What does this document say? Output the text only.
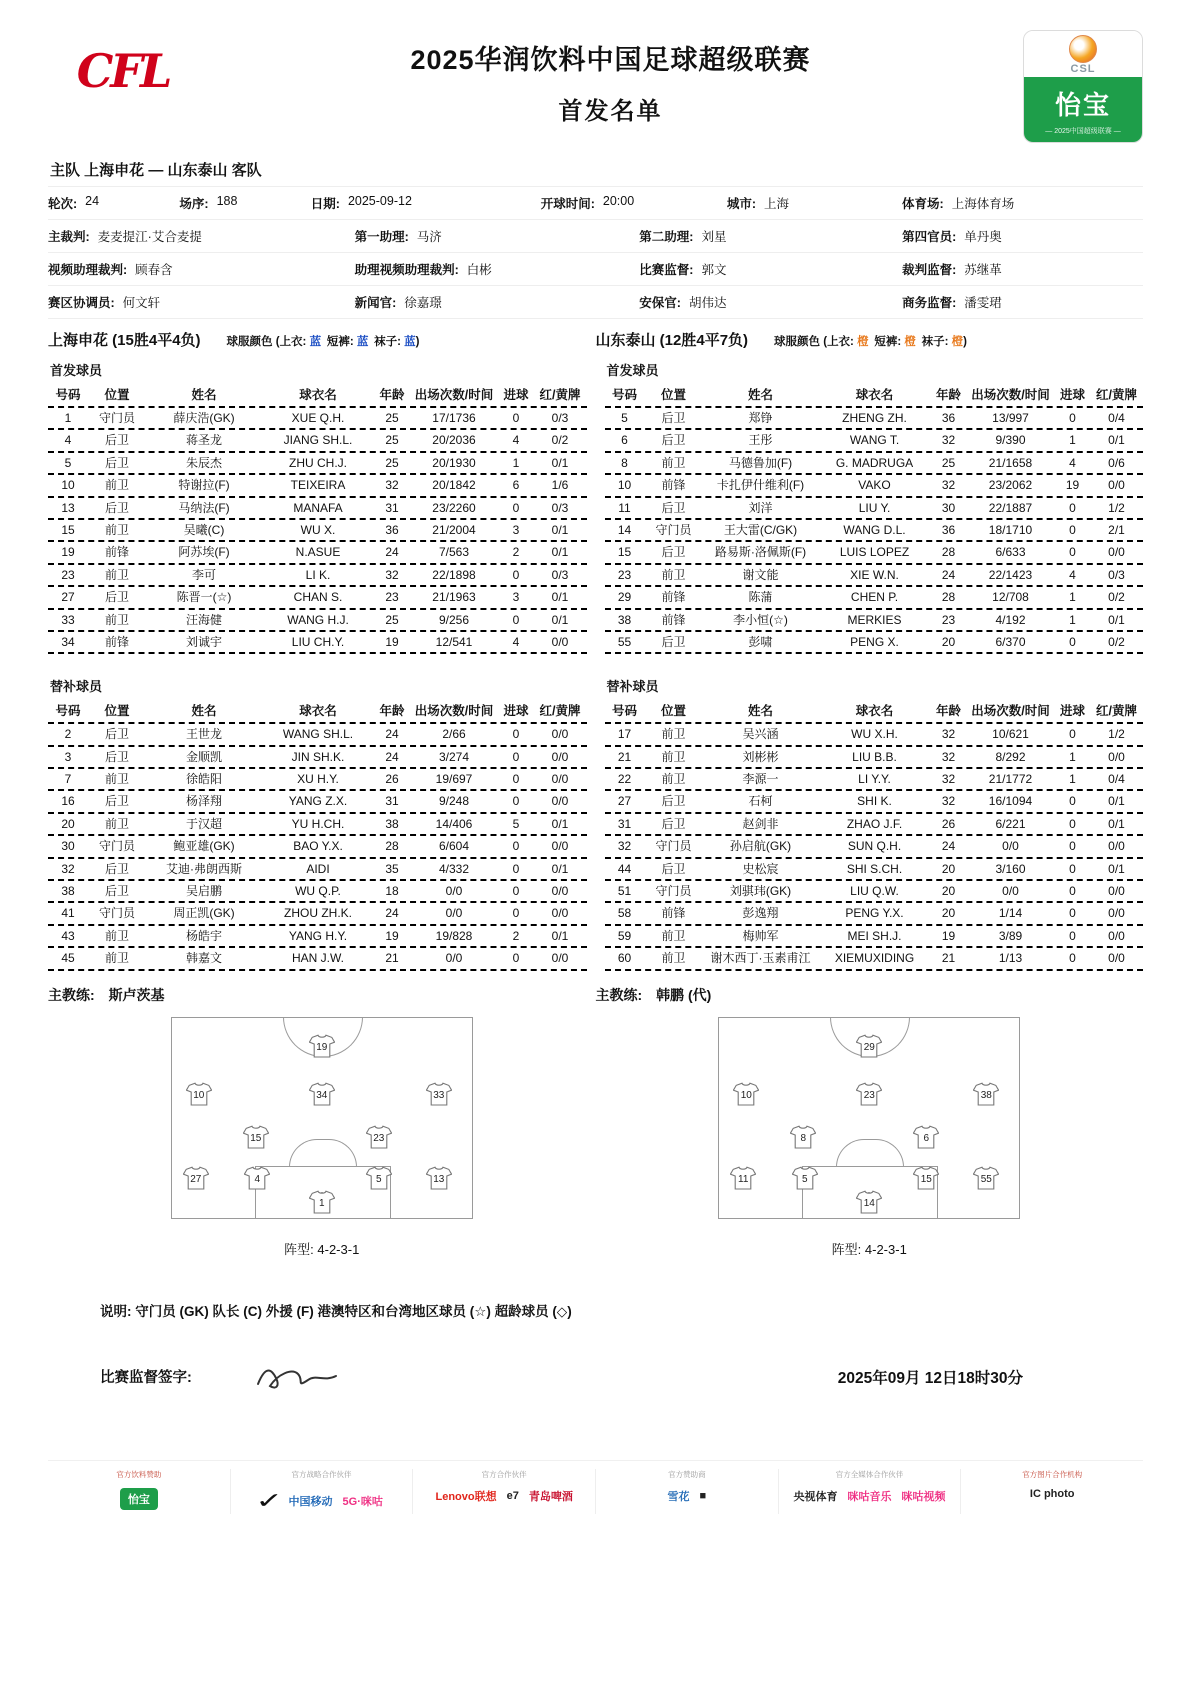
CFL	2025华润饮料中国足球超级联赛
首发名单
CSL
怡宝
— 2025中国超级联赛 —
主队 上海申花 — 山东泰山 客队
轮次: 24	场序: 188	日期: 2025-09-12	开球时间: 20:00	城市: 上海	体育场: 上海体育场
主裁判: 麦麦提江·艾合麦提	第一助理: 马济	第二助理: 刘星	第四官员: 单丹奥
视频助理裁判: 顾春含	助理视频助理裁判: 白彬	比赛监督: 郭文	裁判监督: 苏继革
赛区协调员: 何文轩	新闻官: 徐嘉璟	安保官: 胡伟达	商务监督: 潘雯珺
上海申花 (15胜4平4负) 球服颜色 (上衣: 蓝 短裤: 蓝 袜子: 蓝)	山东泰山 (12胜4平7负) 球服颜色 (上衣: 橙 短裤: 橙 袜子: 橙)
首发球员
号码	位置	姓名	球衣名	年龄 出场次数/时间 进球 红/黄牌
1	守门员	薛庆浩(GK)	XUE Q.H.	25	17/1736	0	0/3
4	后卫	蒋圣龙	JIANG SH.L.	25	20/2036	4	0/2
5	后卫	朱辰杰	ZHU CH.J.	25	20/1930	1	0/1
10	前卫	特谢拉(F)	TEIXEIRA	32	20/1842	6	1/6
13	后卫	马纳法(F)	MANAFA	31	23/2260	0	0/3
15	前卫	吴曦(C)	WU X.	36	21/2004	3	0/1
19	前锋	阿苏埃(F)	N.ASUE	24	7/563	2	0/1
23	前卫	李可	LI K.	32	22/1898	0	0/3
27	后卫	陈晋一(☆)	CHAN S.	23	21/1963	3	0/1
33	前卫	汪海健	WANG H.J.	25	9/256	0	0/1
34	前锋	刘诚宇	LIU CH.Y.	19	12/541	4	0/0
首发球员
号码	位置	姓名	球衣名	年龄 出场次数/时间 进球 红/黄牌
5	后卫	郑铮	ZHENG ZH.	36	13/997	0	0/4
6	后卫	王彤	WANG T.	32	9/390	1	0/1
8	前卫	马德鲁加(F)	G. MADRUGA	25	21/1658	4	0/6
10	前锋	卡扎伊什维利(F)	VAKO	32	23/2062	19	0/0
11	后卫	刘洋	LIU Y.	30	22/1887	0	1/2
14	守门员	王大雷(C/GK)	WANG D.L.	36	18/1710	0	2/1
15	后卫	路易斯·洛佩斯(F)	LUIS LOPEZ	28	6/633	0	0/0
23	前卫	谢文能	XIE W.N.	24	22/1423	4	0/3
29	前锋	陈蒲	CHEN P.	28	12/708	1	0/2
38	前锋	李小恒(☆)	MERKIES	23	4/192	1	0/1
55	后卫	彭啸	PENG X.	20	6/370	0	0/2
替补球员
号码	位置	姓名	球衣名	年龄 出场次数/时间 进球 红/黄牌
2	后卫	王世龙	WANG SH.L.	24	2/66	0	0/0
3	后卫	金顺凯	JIN SH.K.	24	3/274	0	0/0
7	前卫	徐皓阳	XU H.Y.	26	19/697	0	0/0
16	后卫	杨泽翔	YANG Z.X.	31	9/248	0	0/0
20	前卫	于汉超	YU H.CH.	38	14/406	5	0/1
30	守门员	鲍亚雄(GK)	BAO Y.X.	28	6/604	0	0/0
32	后卫	艾迪·弗朗西斯	AIDI	35	4/332	0	0/1
38	后卫	吴启鹏	WU Q.P.	18	0/0	0	0/0
41	守门员	周正凯(GK)	ZHOU ZH.K.	24	0/0	0	0/0
43	前卫	杨皓宇	YANG H.Y.	19	19/828	2	0/1
45	前卫	韩嘉文	HAN J.W.	21	0/0	0	0/0
替补球员
号码	位置	姓名	球衣名	年龄 出场次数/时间 进球 红/黄牌
17	前卫	吴兴涵	WU X.H.	32	10/621	0	1/2
21	前卫	刘彬彬	LIU B.B.	32	8/292	1	0/0
22	前卫	李源一	LI Y.Y.	32	21/1772	1	0/4
27	后卫	石柯	SHI K.	32	16/1094	0	0/1
31	后卫	赵剑非	ZHAO J.F.	26	6/221	0	0/1
32	守门员	孙启航(GK)	SUN Q.H.	24	0/0	0	0/0
44	后卫	史松宸	SHI S.CH.	20	3/160	0	0/1
51	守门员	刘骐玮(GK)	LIU Q.W.	20	0/0	0	0/0
58	前锋	彭逸翔	PENG Y.X.	20	1/14	0	0/0
59	前卫	梅帅军	MEI SH.J.	19	3/89	0	0/0
60	前卫	谢木西丁·玉素甫江	XIEMUXIDING	21	1/13	0	0/0
主教练: 斯卢茨基	主教练: 韩鹏 (代)
19
10	34	33
15	23
27	4	5	13
1
阵型: 4-2-3-1
29
10	23	38
8	6
11	5	15	55
14
阵型: 4-2-3-1
说明: 守门员 (GK) 队长 (C) 外援 (F) 港澳特区和台湾地区球员 (☆) 超龄球员 (◇)
比赛监督签字:	2025年09月 12日18时30分
官方饮料赞助
怡宝
官方战略合作伙伴
✓ 中国移动 5G·咪咕
官方合作伙伴
Lenovo联想 e7 青岛啤酒
官方赞助商
雪花 ■
官方全媒体合作伙伴
央视体育 咪咕音乐 咪咕视频
官方图片合作机构
IC photo
